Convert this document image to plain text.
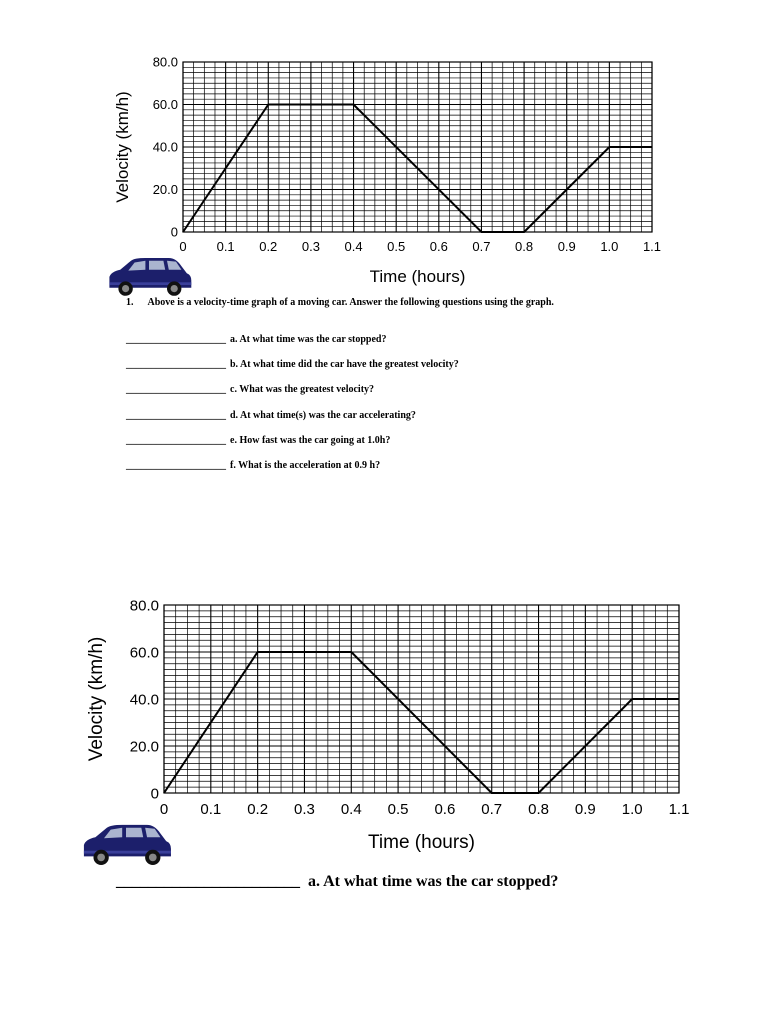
0 0.1 0.2 0.3 0.4 0.5 0.6 0.7 0.8 0.9 1.0 1.1
0
20.0
40.0
60.0
80.0
Time (hours)
Velocity (km/h)
1. Above is a velocity-time graph of a moving car. Answer the following questions using the graph.
____________________ a. At what time was the car stopped?
____________________ b. At what time did the car have the greatest velocity?
____________________ c. What was the greatest velocity?
____________________ d. At what time(s) was the car accelerating?
____________________ e. How fast was the car going at 1.0h?
____________________ f. What is the acceleration at 0.9 h?
0 0.1 0.2 0.3 0.4 0.5 0.6 0.7 0.8 0.9 1.0 1.1
0
20.0
40.0
60.0
80.0
Time (hours)
Velocity (km/h)
_______________________ a. At what time was the car stopped?
